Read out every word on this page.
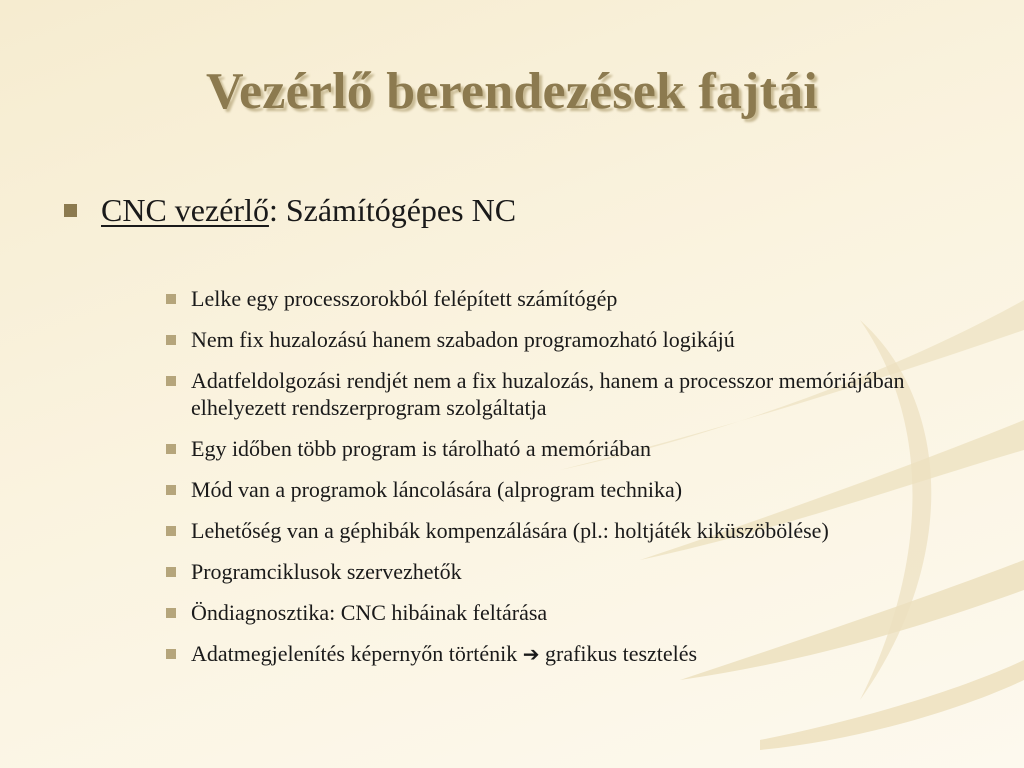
Vezérlő berendezések fajtái
CNC vezérlő: Számítógépes NC
Lelke egy processzorokból felépített számítógép
Nem fix huzalozású hanem szabadon programozható logikájú
Adatfeldolgozási rendjét nem a fix huzalozás, hanem a processzor memóriájában elhelyezett rendszerprogram szolgáltatja
Egy időben több program is tárolható a memóriában
Mód van a programok láncolására (alprogram technika)
Lehetőség van a géphibák kompenzálására (pl.: holtjáték kiküszöbölése)
Programciklusok szervezhetők
Öndiagnosztika: CNC hibáinak feltárása
Adatmegjelenítés képernyőn történik ➔ grafikus tesztelés
